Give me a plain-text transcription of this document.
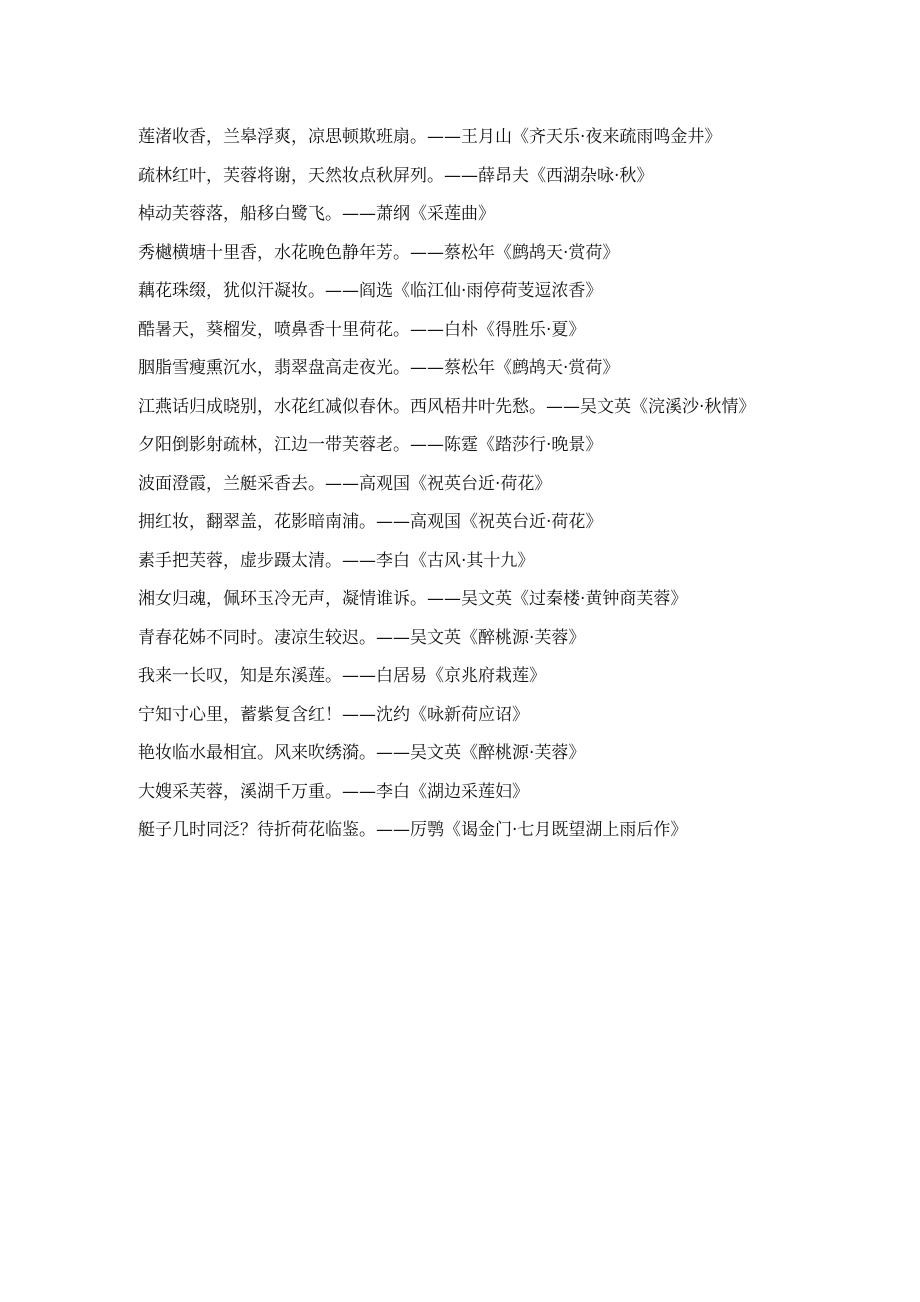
莲渚收香，兰皋浮爽，凉思顿欺班扇。——王月山《齐天乐·夜来疏雨鸣金井》
疏林红叶，芙蓉将谢，天然妆点秋屏列。——薛昂夫《西湖杂咏·秋》
棹动芙蓉落，船移白鹭飞。——萧纲《采莲曲》
秀樾横塘十里香，水花晚色静年芳。——蔡松年《鹧鸪天·赏荷》
藕花珠缀，犹似汗凝妆。——阎选《临江仙·雨停荷芰逗浓香》
酷暑天，葵榴发，喷鼻香十里荷花。——白朴《得胜乐·夏》
胭脂雪瘦熏沉水，翡翠盘高走夜光。——蔡松年《鹧鸪天·赏荷》
江燕话归成晓别，水花红减似春休。西风梧井叶先愁。——吴文英《浣溪沙·秋情》
夕阳倒影射疏林，江边一带芙蓉老。——陈霆《踏莎行·晚景》
波面澄霞，兰艇采香去。——高观国《祝英台近·荷花》
拥红妆，翻翠盖，花影暗南浦。——高观国《祝英台近·荷花》
素手把芙蓉，虚步蹑太清。——李白《古风·其十九》
湘女归魂，佩环玉冷无声，凝情谁诉。——吴文英《过秦楼·黄钟商芙蓉》
青春花姊不同时。凄凉生较迟。——吴文英《醉桃源·芙蓉》
我来一长叹，知是东溪莲。——白居易《京兆府栽莲》
宁知寸心里，蓄紫复含红！——沈约《咏新荷应诏》
艳妆临水最相宜。风来吹绣漪。——吴文英《醉桃源·芙蓉》
大嫂采芙蓉，溪湖千万重。——李白《湖边采莲妇》
艇子几时同泛？待折荷花临鉴。——厉鹗《谒金门·七月既望湖上雨后作》
